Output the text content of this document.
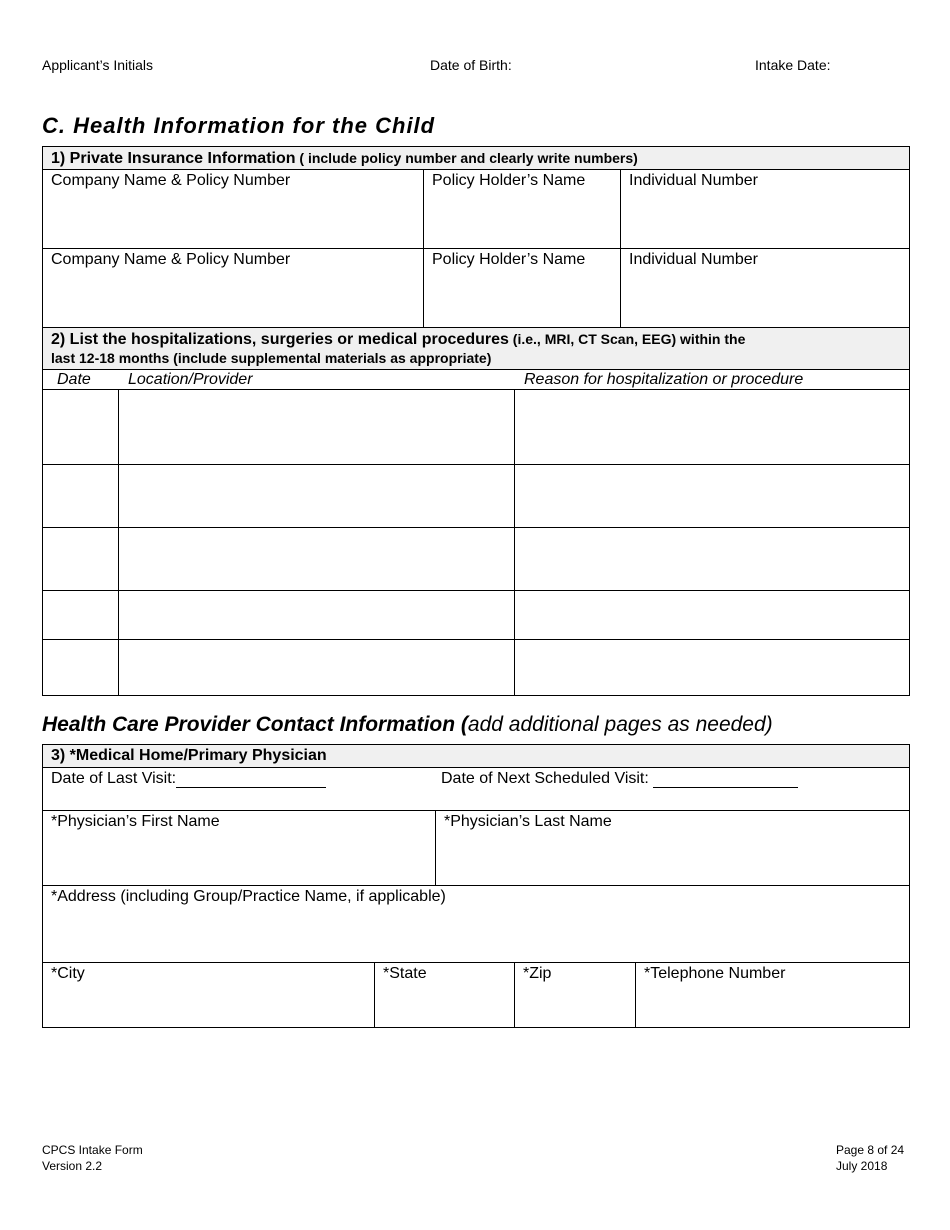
Applicant’s Initials	Date of Birth:	Intake Date:
C. Health Information for the Child
1) Private Insurance Information ( include policy number and clearly write numbers)		
Company Name & Policy Number	Policy Holder’s Name	Individual Number
Company Name & Policy Number	Policy Holder’s Name	Individual Number
2) List the hospitalizations, surgeries or medical procedures (i.e., MRI, CT Scan, EEG) within the
last 12-18 months (include supplemental materials as appropriate)		

Date Location/Provider Reason for hospitalization or procedure		

Health Care Provider Contact Information (add additional pages as needed)
3) *Medical Home/Primary Physician				

Date of Last Visit: Date of Next Scheduled Visit:				

*Physician’s First Name		*Physician’s Last Name		
*Address (including Group/Practice Name, if applicable)				
*City	*State		*Zip	*Telephone Number
CPCS Intake Form
Version 2.2
Page 8 of 24
July 2018
